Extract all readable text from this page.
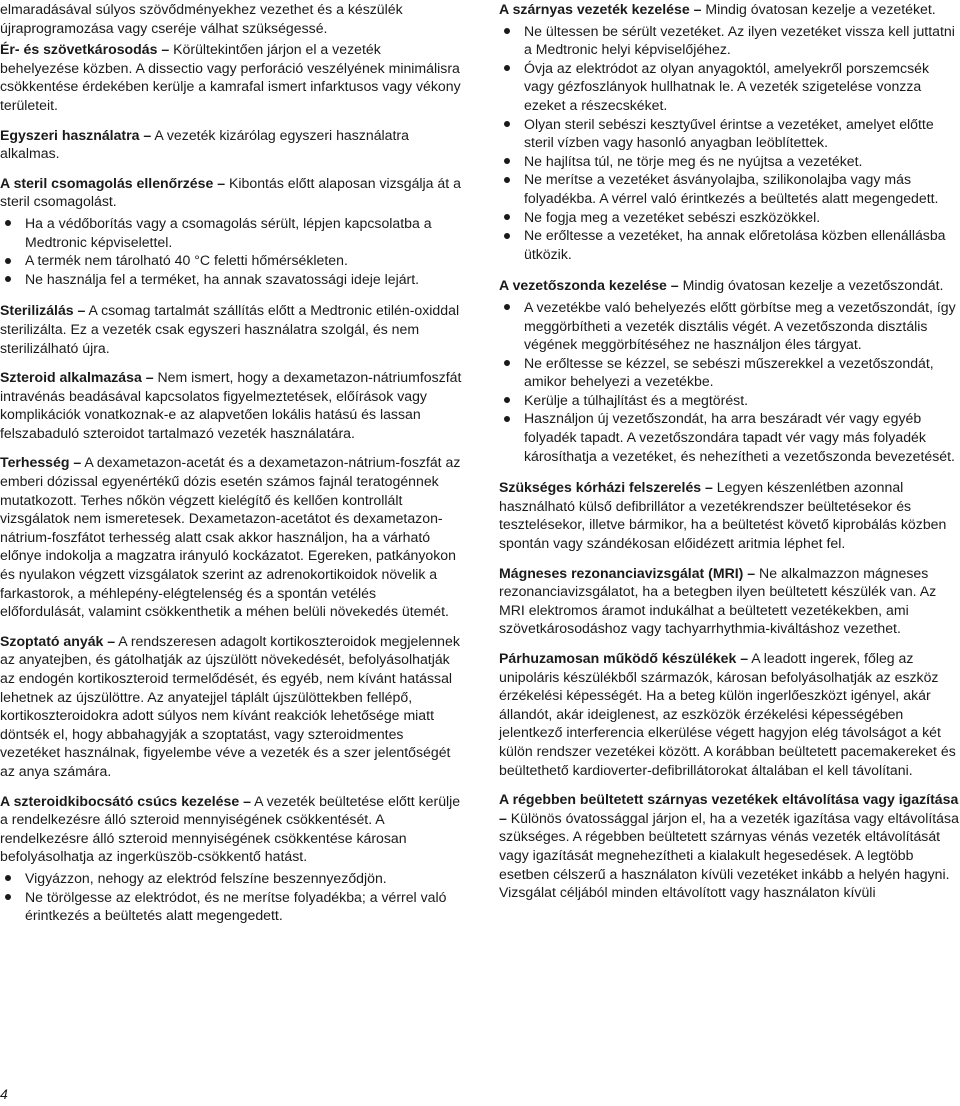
elmaradásával súlyos szövődményekhez vezethet és a készülék újraprogramozása vagy cseréje válhat szükségessé.

Ér- és szövetkárosodás – Körültekintően járjon el a vezeték behelyezése közben. A dissectio vagy perforáció veszélyének minimálisra csökkentése érdekében kerülje a kamrafal ismert infarktusos vagy vékony területeit.

Egyszeri használatra – A vezeték kizárólag egyszeri használatra alkalmas.

A steril csomagolás ellenőrzése – Kibontás előtt alaposan vizsgálja át a steril csomagolást.

Ha a védőborítás vagy a csomagolás sérült, lépjen kapcsolatba a Medtronic képviselettel.
A termék nem tárolható 40 °C feletti hőmérsékleten.
Ne használja fel a terméket, ha annak szavatossági ideje lejárt.

Sterilizálás – A csomag tartalmát szállítás előtt a Medtronic etilén-oxiddal sterilizálta. Ez a vezeték csak egyszeri használatra szolgál, és nem sterilizálható újra.

Szteroid alkalmazása – Nem ismert, hogy a dexametazon-nátriumfoszfát intravénás beadásával kapcsolatos figyelmeztetések, előírások vagy komplikációk vonatkoznak-e az alapvetően lokális hatású és lassan felszabaduló szteroidot tartalmazó vezeték használatára.

Terhesség – A dexametazon-acetát és a dexametazon-nátrium-foszfát az emberi dózissal egyenértékű dózis esetén számos fajnál teratogénnek mutatkozott. Terhes nőkön végzett kielégítő és kellően kontrollált vizsgálatok nem ismeretesek. Dexametazon-acetátot és dexametazon-nátrium-foszfátot terhesség alatt csak akkor használjon, ha a várható előnye indokolja a magzatra irányuló kockázatot. Egereken, patkányokon és nyulakon végzett vizsgálatok szerint az adrenokortikoidok növelik a farkastorok, a méhlepény-elégtelenség és a spontán vetélés előfordulását, valamint csökkenthetik a méhen belüli növekedés ütemét.

Szoptató anyák – A rendszeresen adagolt kortikoszteroidok megjelennek az anyatejben, és gátolhatják az újszülött növekedését, befolyásolhatják az endogén kortikoszteroid termelődését, és egyéb, nem kívánt hatással lehetnek az újszülöttre. Az anyatejjel táplált újszülöttekben fellépő, kortikoszteroidokra adott súlyos nem kívánt reakciók lehetősége miatt döntsék el, hogy abbahagyják a szoptatást, vagy szteroidmentes vezetéket használnak, figyelembe véve a vezeték és a szer jelentőségét az anya számára.

A szteroidkibocsátó csúcs kezelése – A vezeték beültetése előtt kerülje a rendelkezésre álló szteroid mennyiségének csökkentését. A rendelkezésre álló szteroid mennyiségének csökkentése károsan befolyásolhatja az ingerküszöb-csökkentő hatást.

Vigyázzon, nehogy az elektród felszíne beszennyeződjön.
Ne törölgesse az elektródot, és ne merítse folyadékba; a vérrel való érintkezés a beültetés alatt megengedett.

A szárnyas vezeték kezelése – Mindig óvatosan kezelje a vezetéket.

Ne ültessen be sérült vezetéket. Az ilyen vezetéket vissza kell juttatni a Medtronic helyi képviselőjéhez.
Óvja az elektródot az olyan anyagoktól, amelyekről porszemcsék vagy gézfoszlányok hullhatnak le. A vezeték szigetelése vonzza ezeket a részecskéket.
Olyan steril sebészi kesztyűvel érintse a vezetéket, amelyet előtte steril vízben vagy hasonló anyagban leöblítettek.
Ne hajlítsa túl, ne törje meg és ne nyújtsa a vezetéket.
Ne merítse a vezetéket ásványolajba, szilikonolajba vagy más folyadékba. A vérrel való érintkezés a beültetés alatt megengedett.
Ne fogja meg a vezetéket sebészi eszközökkel.
Ne erőltesse a vezetéket, ha annak előretolása közben ellenállásba ütközik.

A vezetőszonda kezelése – Mindig óvatosan kezelje a vezetőszondát.

A vezetékbe való behelyezés előtt görbítse meg a vezetőszondát, így meggörbítheti a vezeték disztális végét. A vezetőszonda disztális végének meggörbítéséhez ne használjon éles tárgyat.
Ne erőltesse se kézzel, se sebészi műszerekkel a vezetőszondát, amikor behelyezi a vezetékbe.
Kerülje a túlhajlítást és a megtörést.
Használjon új vezetőszondát, ha arra beszáradt vér vagy egyéb folyadék tapadt. A vezetőszondára tapadt vér vagy más folyadék károsíthatja a vezetéket, és nehezítheti a vezetőszonda bevezetését.

Szükséges kórházi felszerelés – Legyen készenlétben azonnal használható külső defibrillátor a vezetékrendszer beültetésekor és tesztelésekor, illetve bármikor, ha a beültetést követő kiprobálás közben spontán vagy szándékosan előidézett aritmia léphet fel.

Mágneses rezonanciavizsgálat (MRI) – Ne alkalmazzon mágneses rezonanciavizsgálatot, ha a betegben ilyen beültetett készülék van. Az MRI elektromos áramot indukálhat a beültetett vezetékekben, ami szövetkárosodáshoz vagy tachyarrhythmia-kiváltáshoz vezethet.

Párhuzamosan működő készülékek – A leadott ingerek, főleg az unipoláris készülékből származók, károsan befolyásolhatják az eszköz érzékelési képességét. Ha a beteg külön ingerlőeszközt igényel, akár állandót, akár ideiglenest, az eszközök érzékelési képességében jelentkező interferencia elkerülése végett hagyjon elég távolságot a két külön rendszer vezetékei között. A korábban beültetett pacemakereket és beültethető kardioverter-defibrillátorokat általában el kell távolítani.

A régebben beültetett szárnyas vezetékek eltávolítása vagy igazítása – Különös óvatossággal járjon el, ha a vezeték igazítása vagy eltávolítása szükséges. A régebben beültetett szárnyas vénás vezeték eltávolítását vagy igazítását megnehezítheti a kialakult hegesedések. A legtöbb esetben célszerű a használaton kívüli vezetéket inkább a helyén hagyni. Vizsgálat céljából minden eltávolított vagy használaton kívüli

4
